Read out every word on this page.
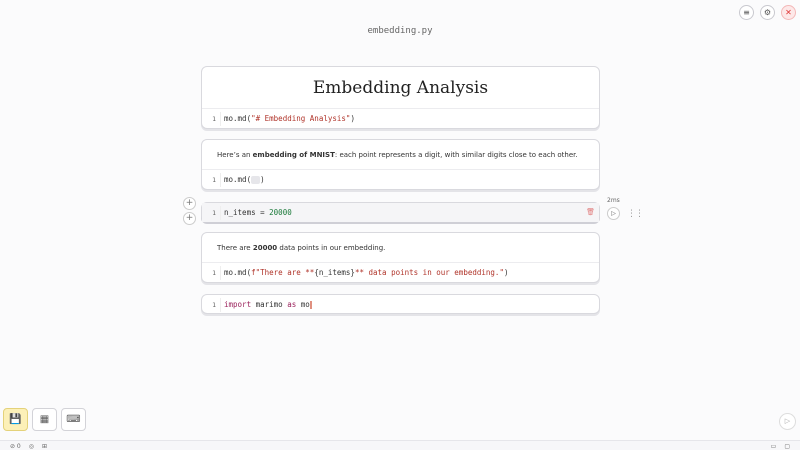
embedding.py
≡	⚙	✕
Embedding Analysis
1	mo.md("# Embedding Analysis")
Here’s an embedding of MNIST: each point represents a digit, with similar digits close to each other.
1	mo.md( )
+
+
1	n_items = 20000	🗑
2ms
▷	⋮⋮
There are 20000 data points in our embedding.
1	mo.md(f"There are **{n_items}** data points in our embedding.")
1	import marimo as mo
💾	▦	⌨	▷
⊘ 0 ◎ ⊞	▭ ▢
